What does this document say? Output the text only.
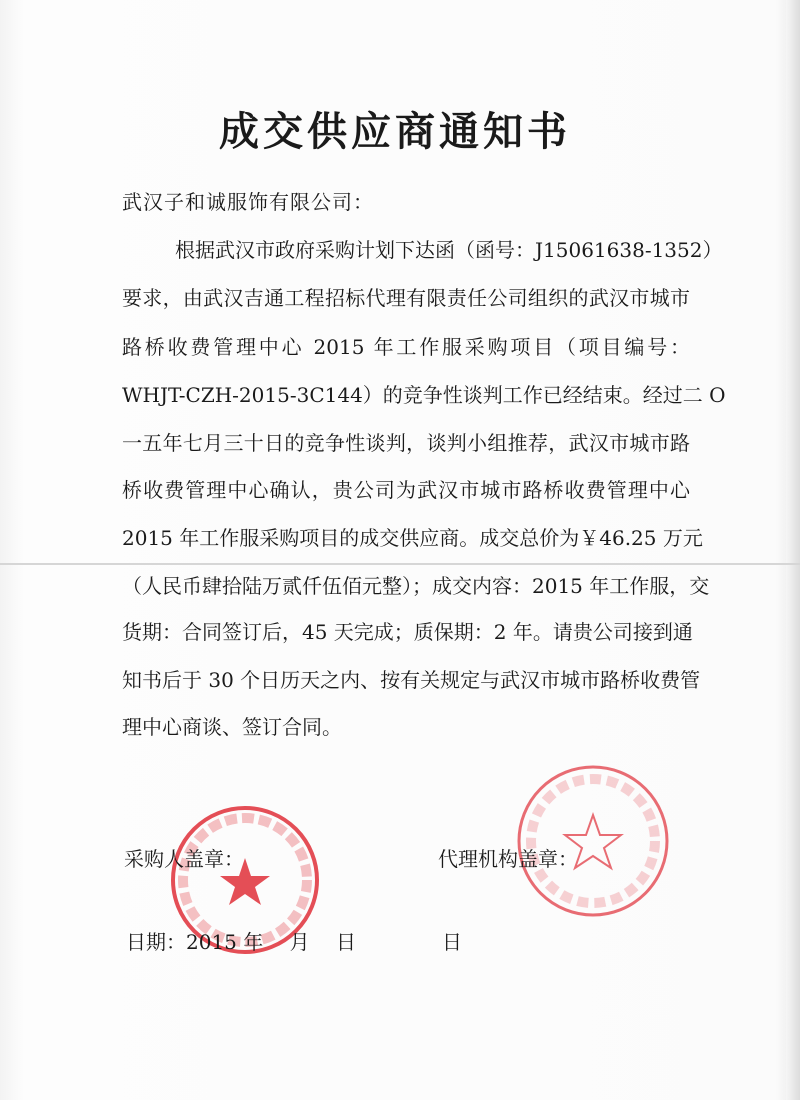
成交供应商通知书
武汉子和诚服饰有限公司：
根据武汉市政府采购计划下达函（函号：J15061638-1352）
要求，由武汉吉通工程招标代理有限责任公司组织的武汉市城市
路桥收费管理中心 2015 年工作服采购项目（项目编号：
WHJT-CZH-2015-3C144）的竞争性谈判工作已经结束。经过二 O
一五年七月三十日的竞争性谈判，谈判小组推荐，武汉市城市路
桥收费管理中心确认，贵公司为武汉市城市路桥收费管理中心
2015 年工作服采购项目的成交供应商。成交总价为￥46.25 万元
（人民币肆拾陆万贰仟伍佰元整）；成交内容：2015 年工作服，交
货期：合同签订后，45 天完成；质保期：2 年。请贵公司接到通
知书后于 30 个日历天之内、按有关规定与武汉市城市路桥收费管
理中心商谈、签订合同。
采购人盖章：	代理机构盖章：
日期：2015 年　 月　 日	日
